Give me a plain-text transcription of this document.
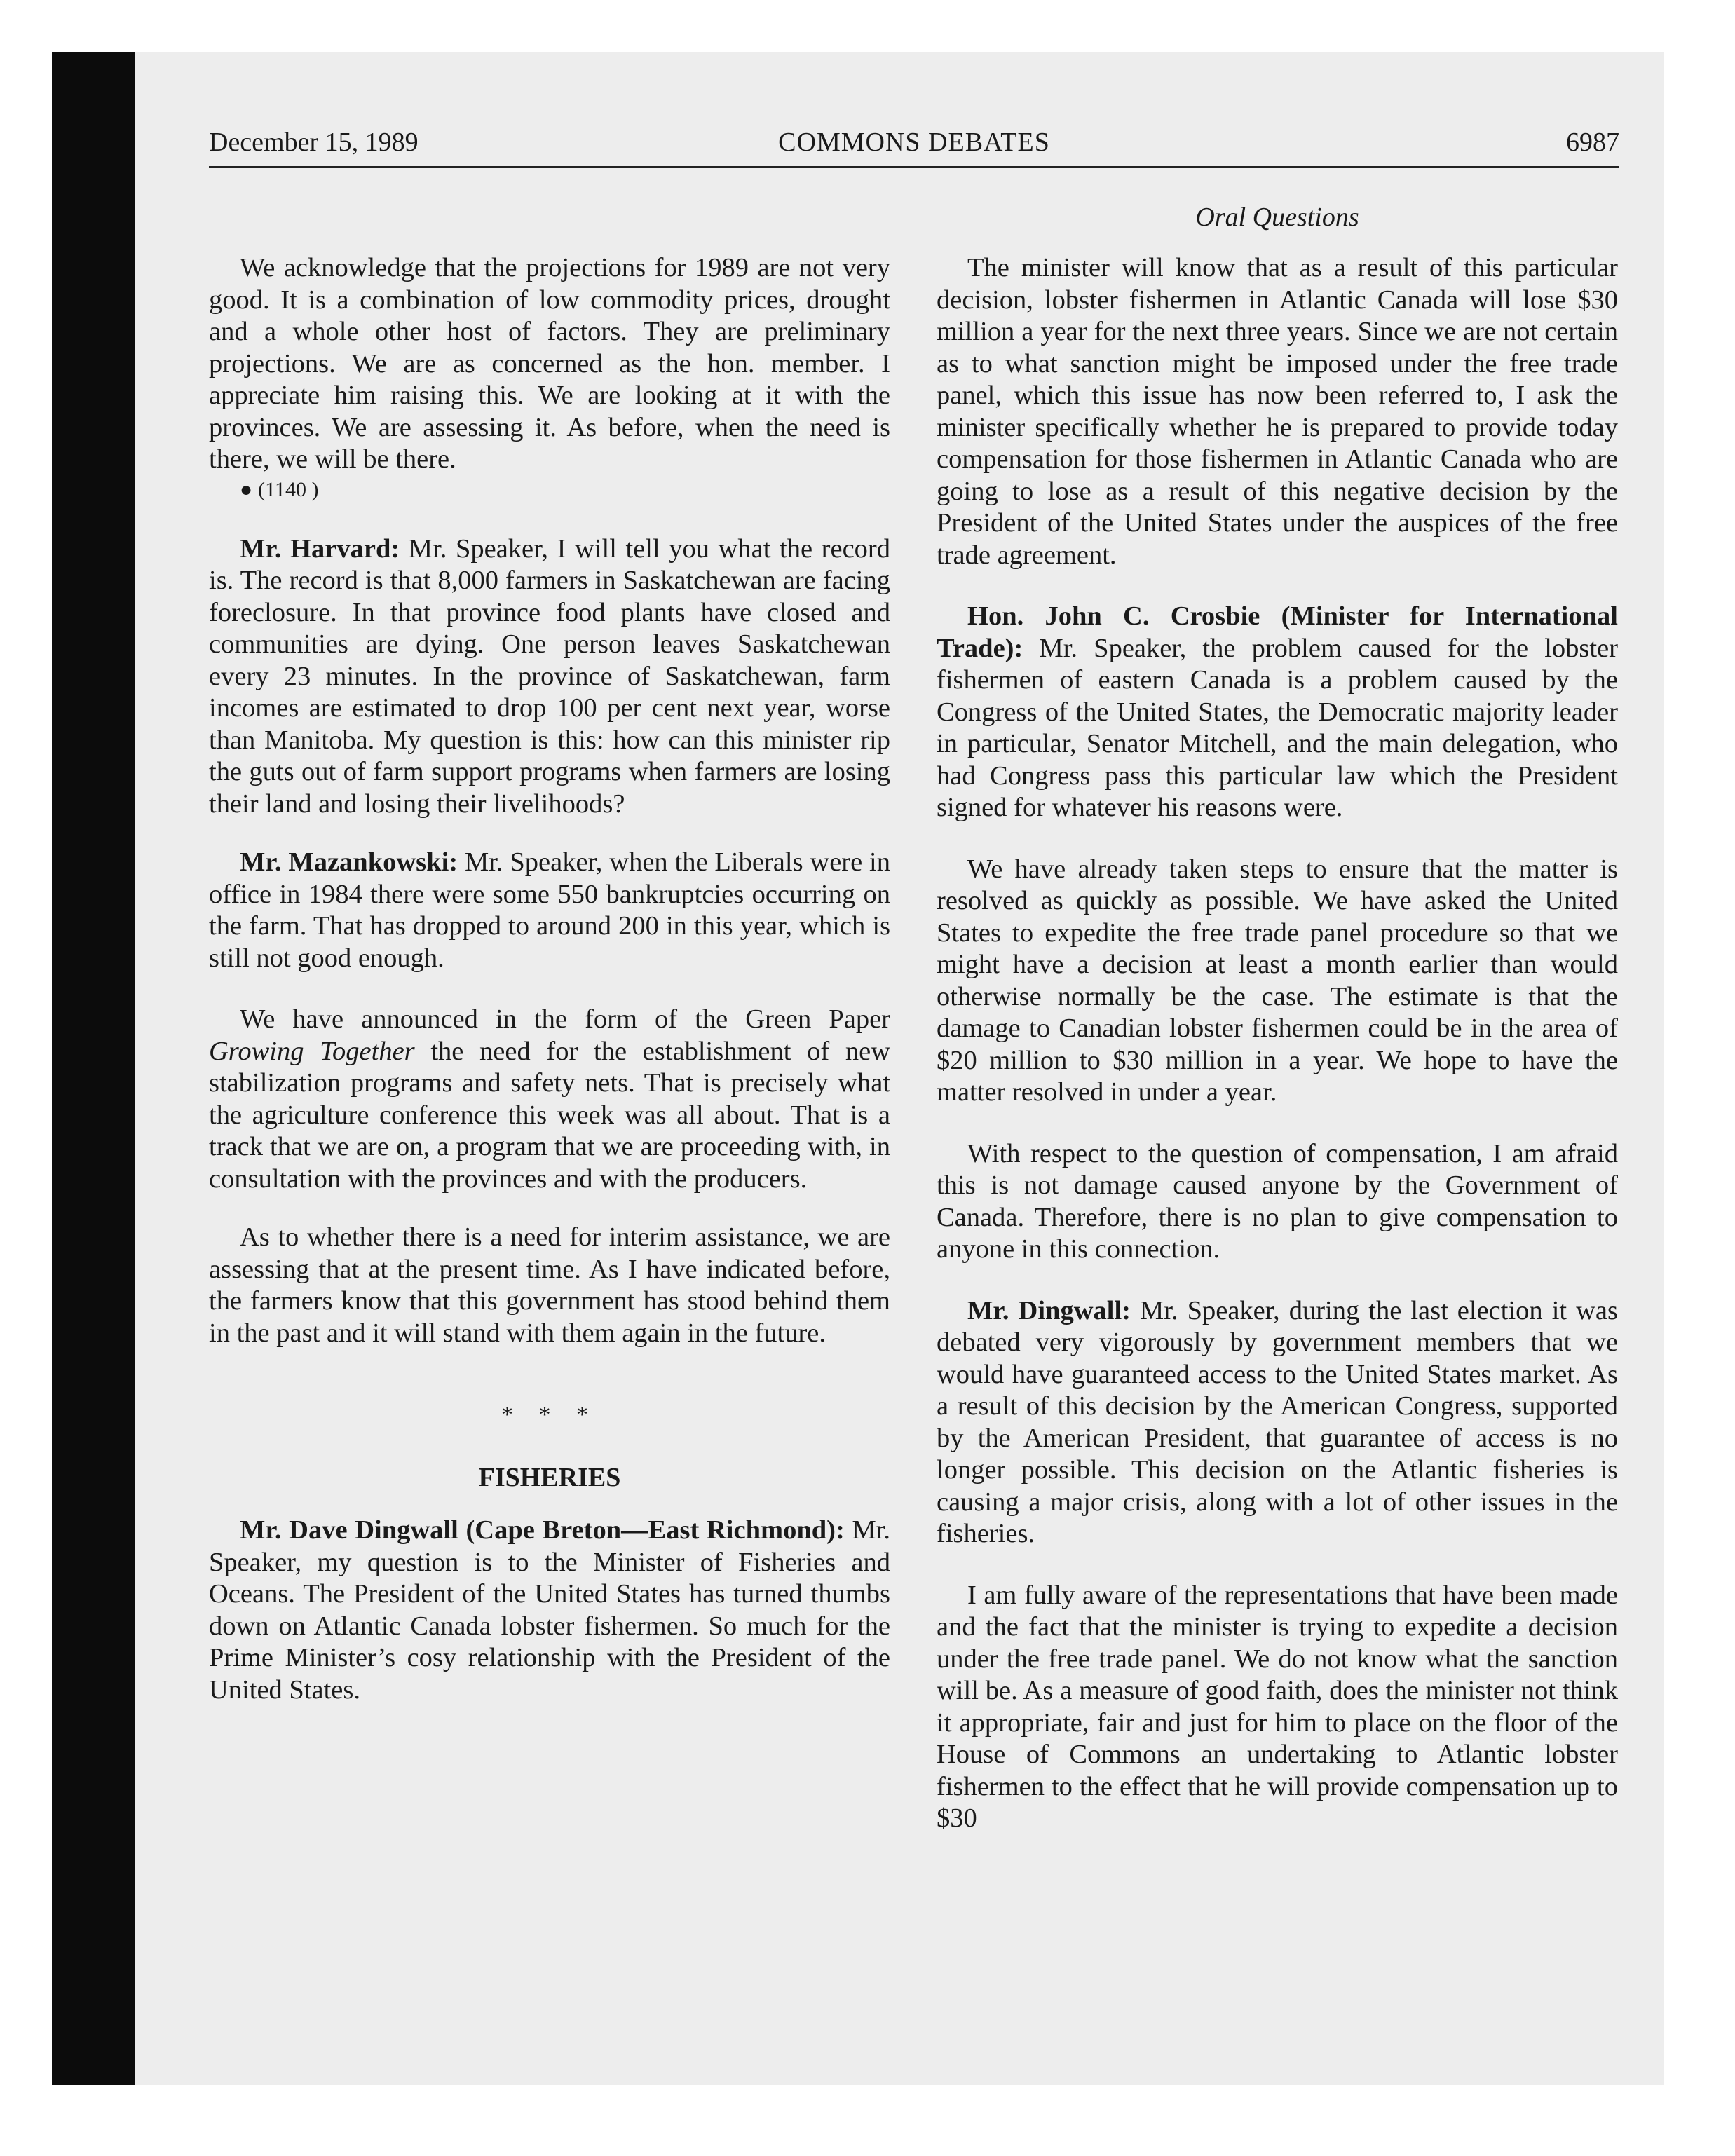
December 15, 1989	COMMONS DEBATES	6987
Oral Questions

We acknowledge that the projections for 1989 are not very good. It is a combination of low commodity prices, drought and a whole other host of factors. They are preliminary projections. We are as concerned as the hon. member. I appreciate him raising this. We are looking at it with the provinces. We are assessing it. As before, when the need is there, we will be there.

● (1140 )

Mr. Harvard: Mr. Speaker, I will tell you what the record is. The record is that 8,000 farmers in Saskatchewan are facing foreclosure. In that province food plants have closed and communities are dying. One person leaves Saskatchewan every 23 minutes. In the province of Saskatchewan, farm incomes are estimated to drop 100 per cent next year, worse than Manitoba. My question is this: how can this minister rip the guts out of farm support programs when farmers are losing their land and losing their livelihoods?

Mr. Mazankowski: Mr. Speaker, when the Liberals were in office in 1984 there were some 550 bankruptcies occurring on the farm. That has dropped to around 200 in this year, which is still not good enough.

We have announced in the form of the Green Paper Growing Together the need for the establishment of new stabilization programs and safety nets. That is precisely what the agriculture conference this week was all about. That is a track that we are on, a program that we are proceeding with, in consultation with the provinces and with the producers.

As to whether there is a need for interim assistance, we are assessing that at the present time. As I have indicated before, the farmers know that this government has stood behind them in the past and it will stand with them again in the future.

* * *
FISHERIES

Mr. Dave Dingwall (Cape Breton—East Richmond): Mr. Speaker, my question is to the Minister of Fisheries and Oceans. The President of the United States has turned thumbs down on Atlantic Canada lobster fishermen. So much for the Prime Minister’s cosy relationship with the President of the United States.

The minister will know that as a result of this particular decision, lobster fishermen in Atlantic Canada will lose $30 million a year for the next three years. Since we are not certain as to what sanction might be imposed under the free trade panel, which this issue has now been referred to, I ask the minister specifically whether he is prepared to provide today compensation for those fishermen in Atlantic Canada who are going to lose as a result of this negative decision by the President of the United States under the auspices of the free trade agreement.

Hon. John C. Crosbie (Minister for International Trade): Mr. Speaker, the problem caused for the lobster fishermen of eastern Canada is a problem caused by the Congress of the United States, the Democratic majority leader in particular, Senator Mitchell, and the main delegation, who had Congress pass this particular law which the President signed for whatever his reasons were.

We have already taken steps to ensure that the matter is resolved as quickly as possible. We have asked the United States to expedite the free trade panel procedure so that we might have a decision at least a month earlier than would otherwise normally be the case. The estimate is that the damage to Canadian lobster fishermen could be in the area of $20 million to $30 million in a year. We hope to have the matter resolved in under a year.

With respect to the question of compensation, I am afraid this is not damage caused anyone by the Government of Canada. Therefore, there is no plan to give compensation to anyone in this connection.

Mr. Dingwall: Mr. Speaker, during the last election it was debated very vigorously by government members that we would have guaranteed access to the United States market. As a result of this decision by the American Congress, supported by the American President, that guarantee of access is no longer possible. This decision on the Atlantic fisheries is causing a major crisis, along with a lot of other issues in the fisheries.

I am fully aware of the representations that have been made and the fact that the minister is trying to expedite a decision under the free trade panel. We do not know what the sanction will be. As a measure of good faith, does the minister not think it appropriate, fair and just for him to place on the floor of the House of Commons an undertaking to Atlantic lobster fishermen to the effect that he will provide compensation up to $30
